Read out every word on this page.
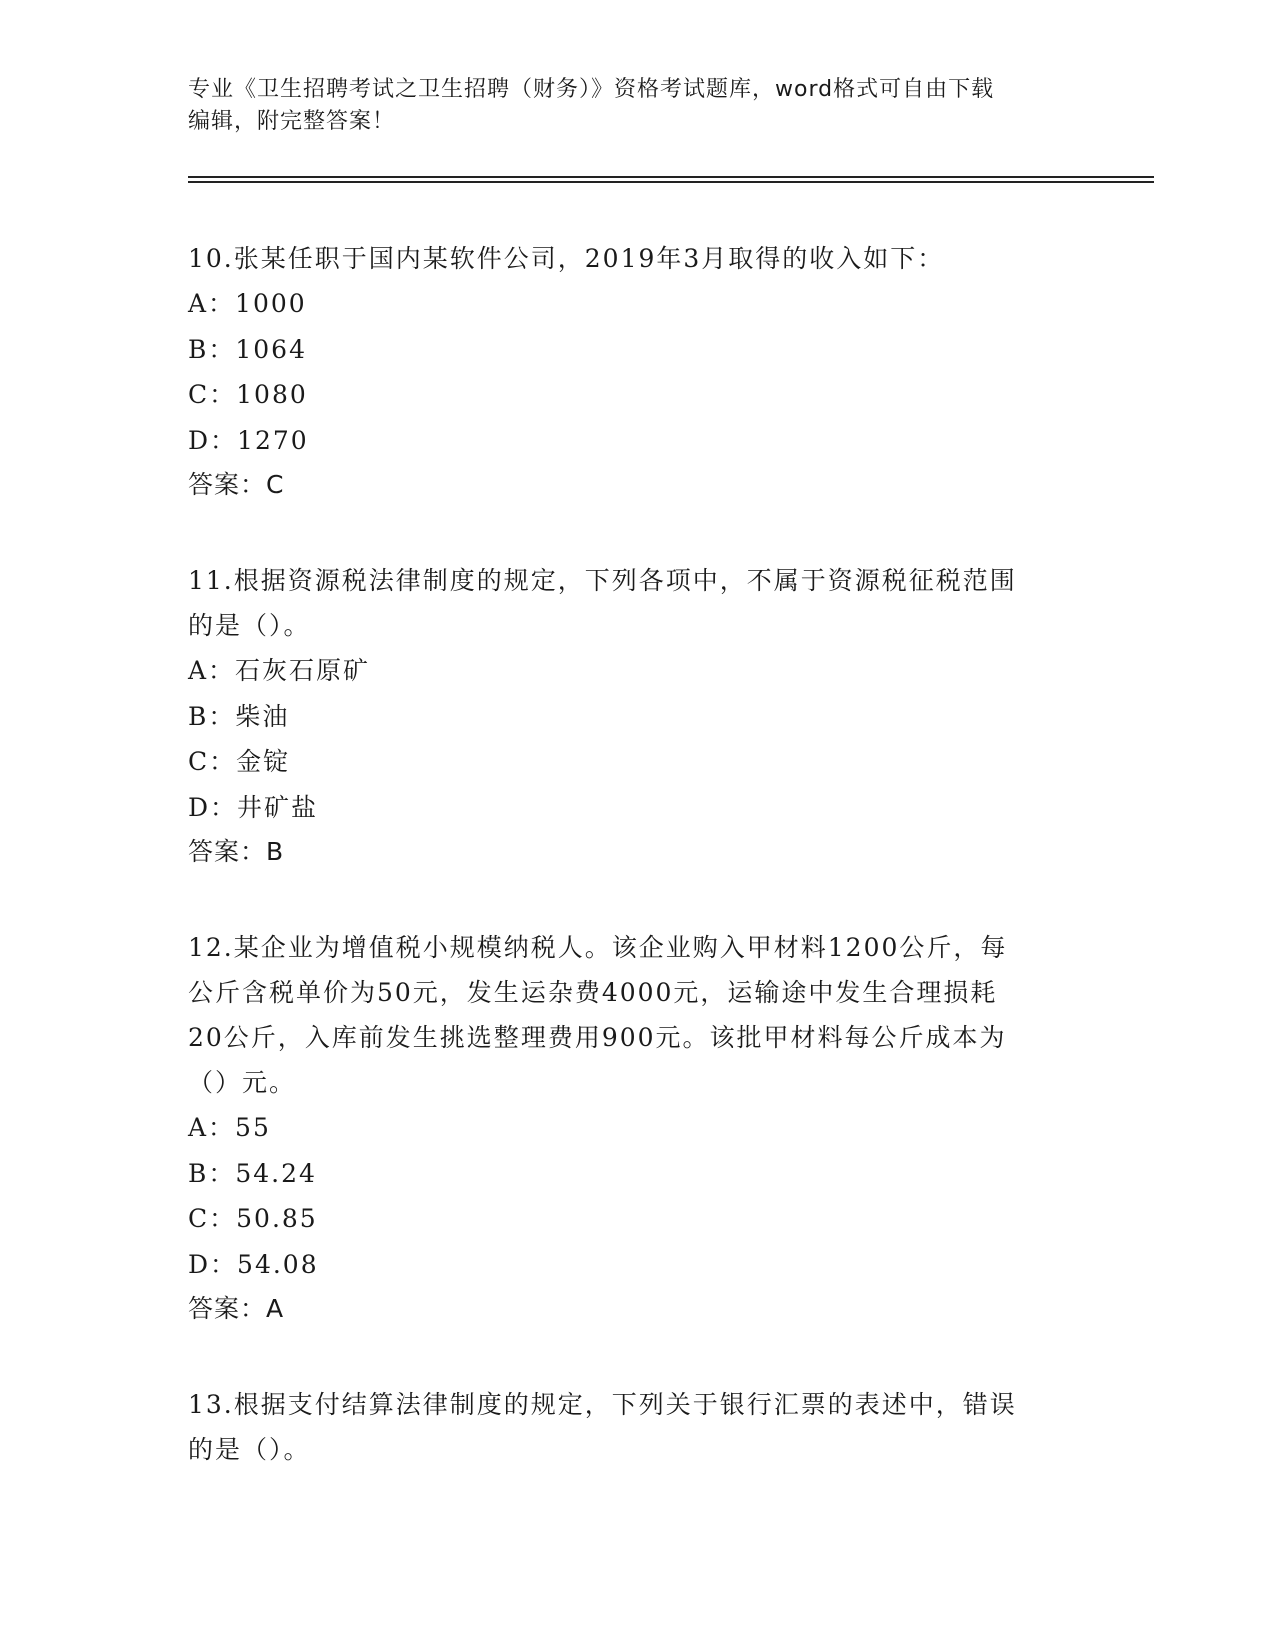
专业《卫生招聘考试之卫生招聘（财务）》资格考试题库，word格式可自由下载
编辑，附完整答案！
10.张某任职于国内某软件公司，2019年3月取得的收入如下：
A：1000
B：1064
C：1080
D：1270
答案：C
11.根据资源税法律制度的规定，下列各项中，不属于资源税征税范围
的是（）。
A：石灰石原矿
B：柴油
C：金锭
D：井矿盐
答案：B
12.某企业为增值税小规模纳税人。该企业购入甲材料1200公斤，每
公斤含税单价为50元，发生运杂费4000元，运输途中发生合理损耗
20公斤，入库前发生挑选整理费用900元。该批甲材料每公斤成本为
（）元。
A：55
B：54.24
C：50.85
D：54.08
答案：A
13.根据支付结算法律制度的规定，下列关于银行汇票的表述中，错误
的是（）。
